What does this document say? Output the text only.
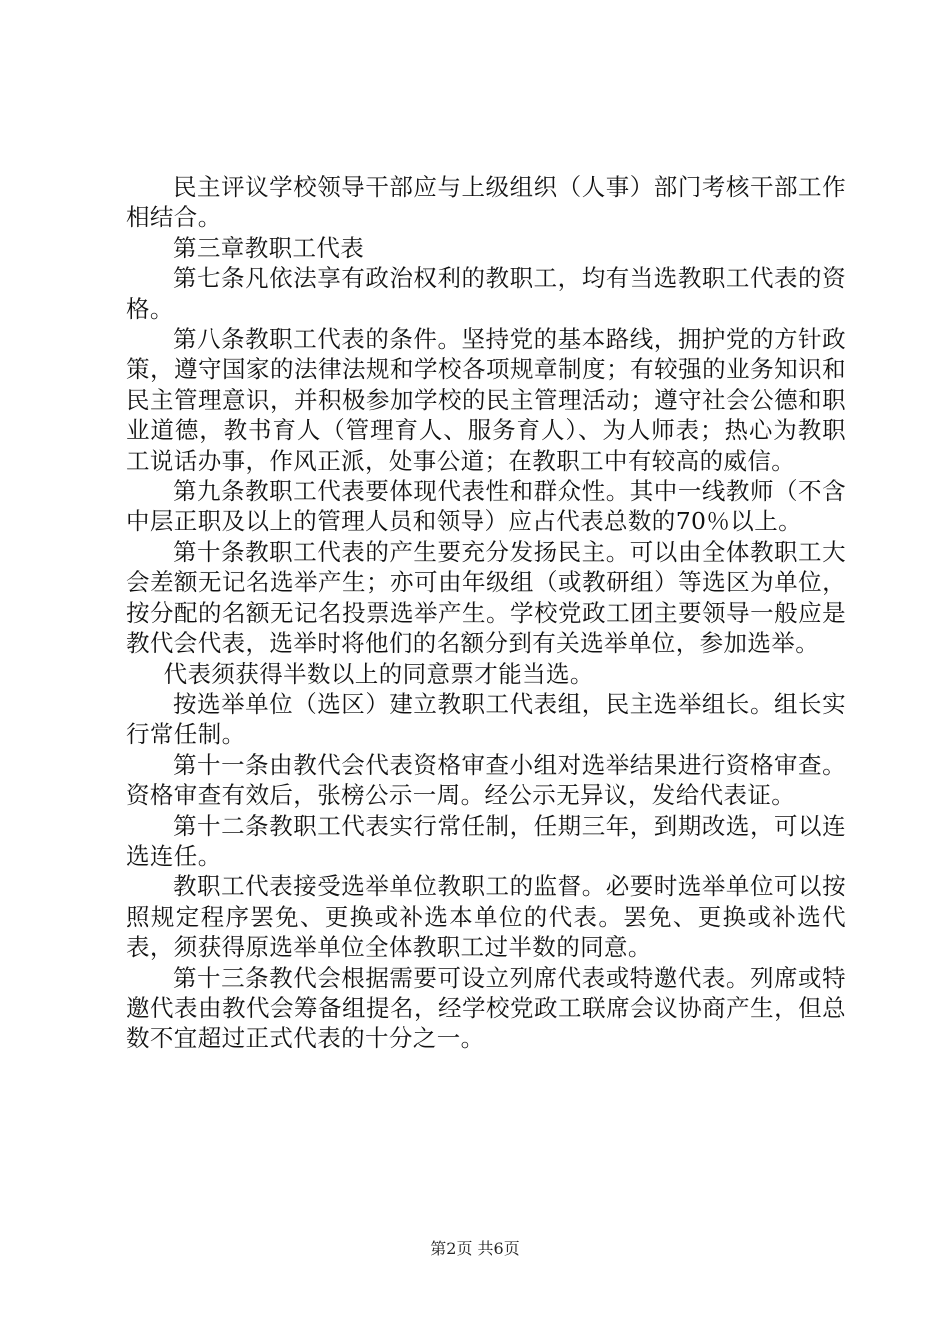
民主评议学校领导干部应与上级组织（人事）部门考核干部工作相结合。

第三章教职工代表

第七条凡依法享有政治权利的教职工，均有当选教职工代表的资格。

第八条教职工代表的条件。坚持党的基本路线，拥护党的方针政策，遵守国家的法律法规和学校各项规章制度；有较强的业务知识和民主管理意识，并积极参加学校的民主管理活动；遵守社会公德和职业道德，教书育人（管理育人、服务育人）、为人师表；热心为教职工说话办事，作风正派，处事公道；在教职工中有较高的威信。

第九条教职工代表要体现代表性和群众性。其中一线教师（不含中层正职及以上的管理人员和领导）应占代表总数的70％以上。

第十条教职工代表的产生要充分发扬民主。可以由全体教职工大会差额无记名选举产生；亦可由年级组（或教研组）等选区为单位，按分配的名额无记名投票选举产生。学校党政工团主要领导一般应是教代会代表，选举时将他们的名额分到有关选举单位，参加选举。

代表须获得半数以上的同意票才能当选。

按选举单位（选区）建立教职工代表组，民主选举组长。组长实行常任制。

第十一条由教代会代表资格审查小组对选举结果进行资格审查。资格审查有效后，张榜公示一周。经公示无异议，发给代表证。

第十二条教职工代表实行常任制，任期三年，到期改选，可以连选连任。

教职工代表接受选举单位教职工的监督。必要时选举单位可以按照规定程序罢免、更换或补选本单位的代表。罢免、更换或补选代表，须获得原选举单位全体教职工过半数的同意。

第十三条教代会根据需要可设立列席代表或特邀代表。列席或特邀代表由教代会筹备组提名，经学校党政工联席会议协商产生，但总数不宜超过正式代表的十分之一。

第2页 共6页
